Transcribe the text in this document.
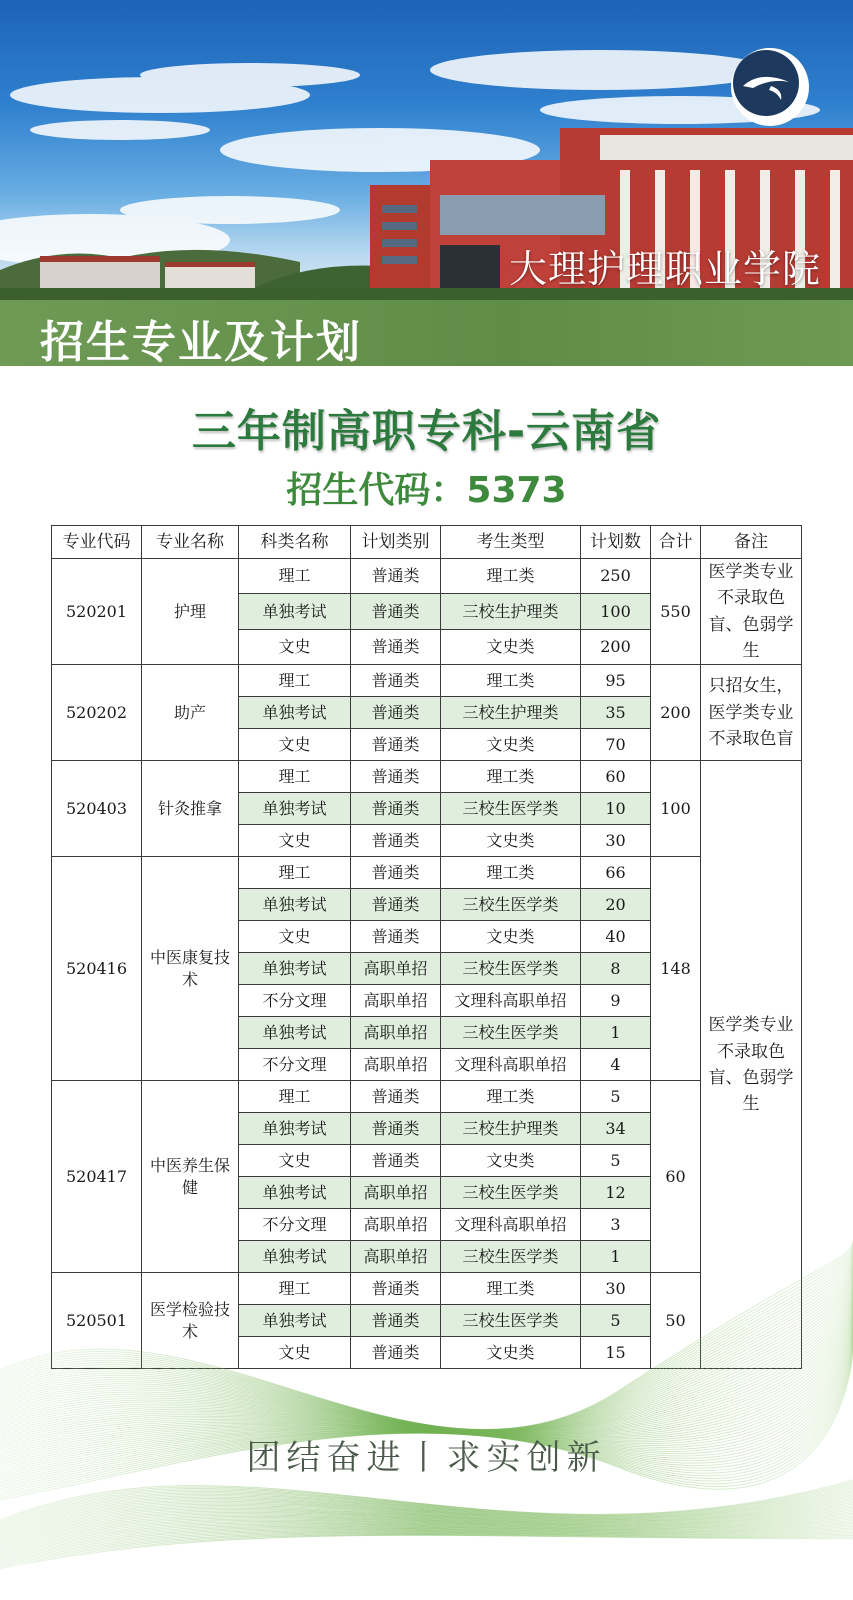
大理护理职业学院
招生专业及计划
三年制高职专科-云南省
招生代码：5373
专业代码	专业名称	科类名称	计划类别	考生类型	计划数	合计	备注
520201	护理	理工	普通类	理工类	250	550	医学类专业不录取色盲、色弱学生
		单独考试	普通类	三校生护理类	100		
		文史	普通类	文史类	200		
520202	助产	理工	普通类	理工类	95	200	只招女生，医学类专业不录取色盲
		单独考试	普通类	三校生护理类	35		
		文史	普通类	文史类	70		
520403	针灸推拿	理工	普通类	理工类	60	100	医学类专业不录取色盲、色弱学生
		单独考试	普通类	三校生医学类	10		
		文史	普通类	文史类	30		
520416	中医康复技术	理工	普通类	理工类	66	148	
		单独考试	普通类	三校生医学类	20		
		文史	普通类	文史类	40		
		单独考试	高职单招	三校生医学类	8		
		不分文理	高职单招	文理科高职单招	9		
		单独考试	高职单招	三校生医学类	1		
		不分文理	高职单招	文理科高职单招	4		
520417	中医养生保健	理工	普通类	理工类	5	60	
		单独考试	普通类	三校生护理类	34		
		文史	普通类	文史类	5		
		单独考试	高职单招	三校生医学类	12		
		不分文理	高职单招	文理科高职单招	3		
		单独考试	高职单招	三校生医学类	1		
520501	医学检验技术	理工	普通类	理工类	30	50	
		单独考试	普通类	三校生医学类	5		
		文史	普通类	文史类	15		
团结奋进丨求实创新
